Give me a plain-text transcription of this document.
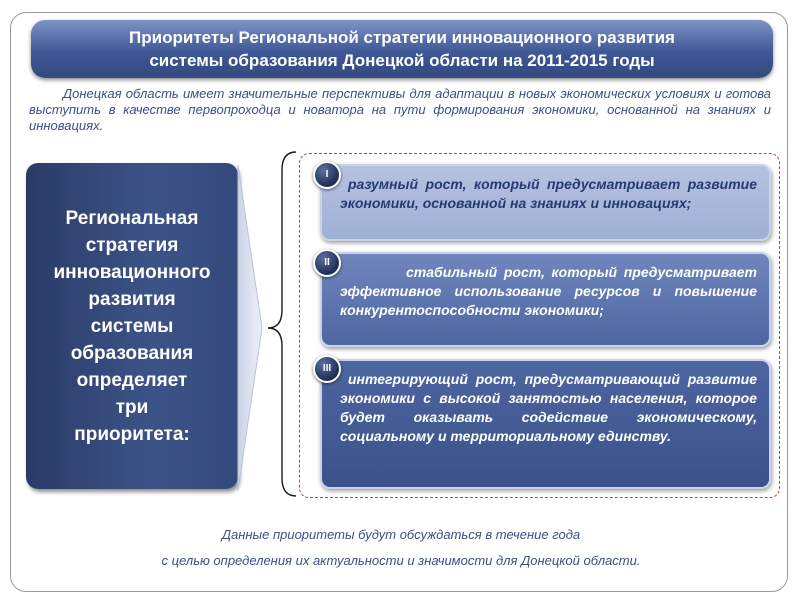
Приоритеты Региональной стратегии инновационного развития
системы образования Донецкой области на 2011-2015 годы
Донецкая область имеет значительные перспективы для адаптации в новых экономических условиях и готова выступить в качестве первопроходца и новатора на пути формирования экономики, основанной на знаниях и инновациях.
Региональная
стратегия
инновационного
развития
системы
образования
определяет
три
приоритета:
разумный рост, который предусматривает развитие экономики, основанной на знаниях и инновациях;
I
стабильный рост, который предусматривает эффективное использование ресурсов и повышение конкурентоспособности экономики;
II
интегрирующий рост, предусматривающий развитие экономики с высокой занятостью населения, которое будет оказывать содействие экономическому, социальному и территориальному единству.
III
Данные приоритеты будут обсуждаться в течение года
с целью определения их актуальности и значимости для Донецкой области.
